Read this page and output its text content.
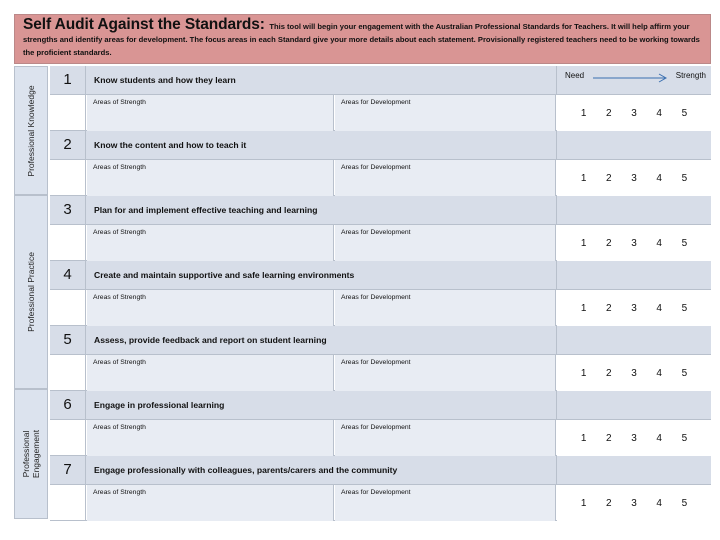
Self Audit Against the Standards: This tool will begin your engagement with the Australian Professional Standards for Teachers. It will help affirm your strengths and identify areas for development. The focus areas in each Standard give your more details about each statement. Provisionally registered teachers need to be working towards the proficient standards.
Professional Knowledge
Professional Practice
Professional
Engagement
1	Know students and how they learn	Need	Strength
Areas of Strength	Areas for Development
1	2	3	4	5
2	Know the content and how to teach it
Areas of Strength	Areas for Development
1	2	3	4	5
3	Plan for and implement effective teaching and learning
Areas of Strength	Areas for Development
1	2	3	4	5
4	Create and maintain supportive and safe learning environments
Areas of Strength	Areas for Development
1	2	3	4	5
5	Assess, provide feedback and report on student learning
Areas of Strength	Areas for Development
1	2	3	4	5
6	Engage in professional learning
Areas of Strength	Areas for Development
1	2	3	4	5
7	Engage professionally with colleagues, parents/carers and the community
Areas of Strength	Areas for Development
1	2	3	4	5
